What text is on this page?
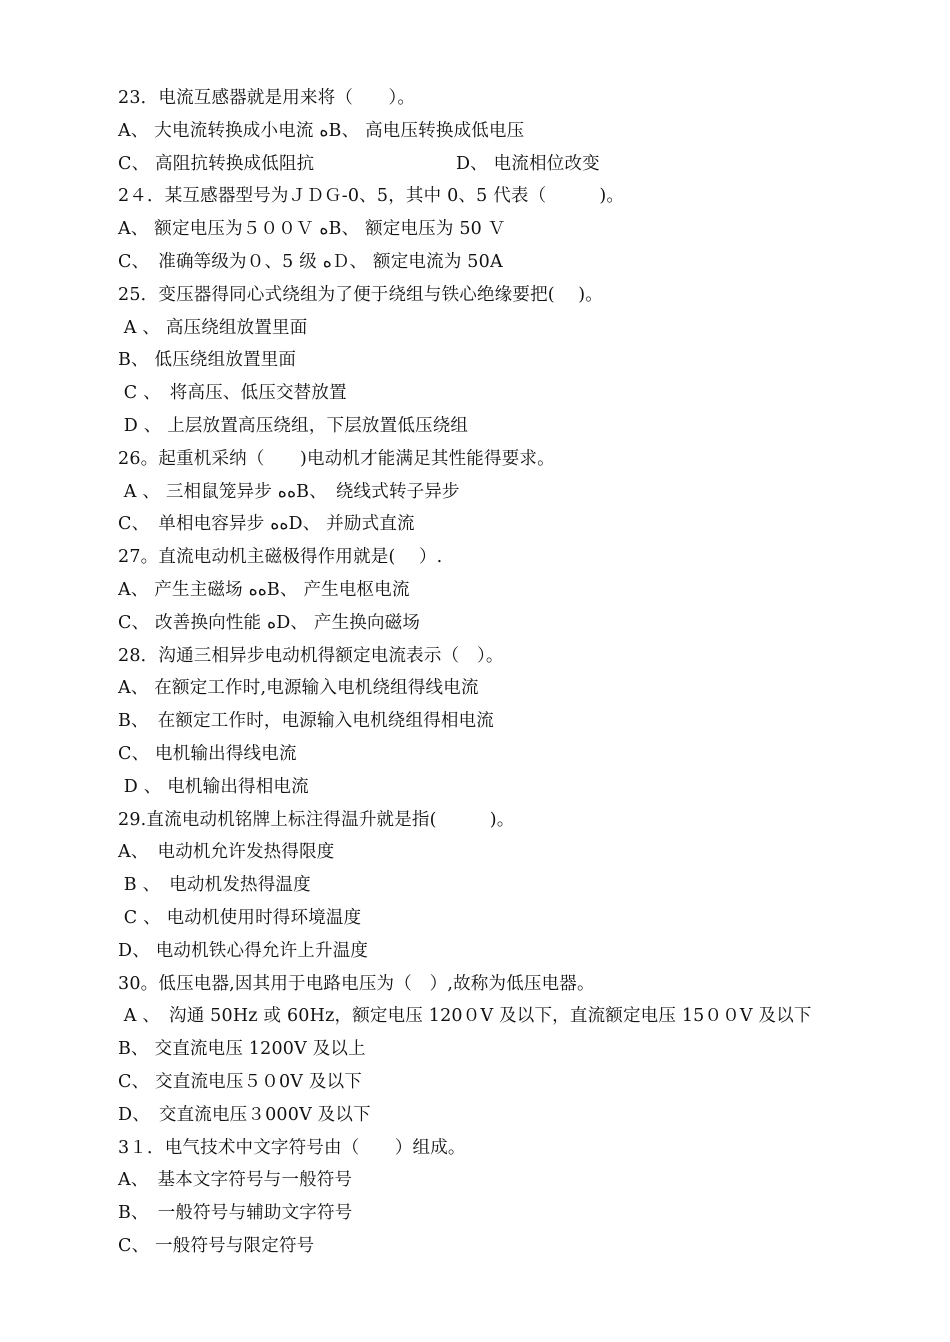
23．电流互感器就是用来将（　　）。
A、 大电流转换成小电流 ﻩB、 高电压转换成低电压
C、 高阻抗转换成低阻抗　　　　　　　　D、 电流相位改变
2４．某互感器型号为ＪＤＧ-0、5，其中 0、5 代表（　　　)。
A、 额定电压为５００Ｖ ﻩB、 额定电压为 50 Ｖ
C、　准确等级为０、5 级 ﻩＤ、 额定电流为 50A
25．变压器得同心式绕组为了便于绕组与铁心绝缘要把(　 )。
A 、 高压绕组放置里面
B、 低压绕组放置里面
C 、　将高压、低压交替放置
D 、 上层放置高压绕组，下层放置低压绕组
26。起重机采纳（　　)电动机才能满足其性能得要求。
A 、 三相鼠笼异步 ﻩﻩB、　绕线式转子异步
C、　单相电容异步 ﻩﻩD、 并励式直流
27。直流电动机主磁极得作用就是(　 ）.
A、 产生主磁场 ﻩﻩB、 产生电枢电流
C、 改善换向性能 ﻩD、 产生换向磁场
28．沟通三相异步电动机得额定电流表示（　）。
A、 在额定工作时,电源输入电机绕组得线电流
B、　在额定工作时，电源输入电机绕组得相电流
C、 电机输出得线电流
D 、 电机输出得相电流
29.直流电动机铭牌上标注得温升就是指(　　　)。
A、　电动机允许发热得限度
B 、　电动机发热得温度
C 、 电动机使用时得环境温度
D、 电动机铁心得允许上升温度
30。低压电器,因其用于电路电压为（　）,故称为低压电器。
A 、　沟通 50Hz 或 60Hz，额定电压 120０V 及以下，直流额定电压 15００V 及以下
B、 交直流电压 1200V 及以上
C、 交直流电压５０0V 及以下
D、　交直流电压３000V 及以下
3１．电气技术中文字符号由（　　）组成。
A、　基本文字符号与一般符号
B、　一般符号与辅助文字符号
C、 一般符号与限定符号
